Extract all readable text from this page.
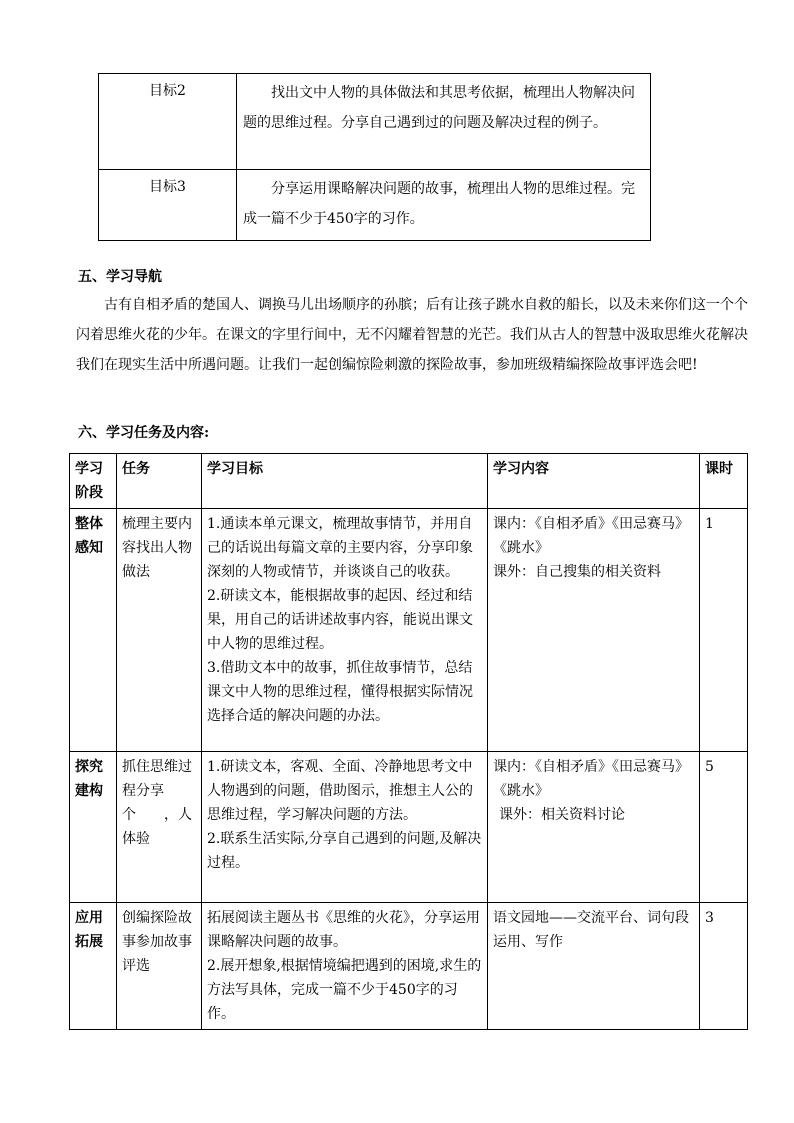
目标2	找出文中人物的具体做法和其思考依据，梳理出人物解决问题的思维过程。分享自己遇到过的问题及解决过程的例子。
目标3	分享运用课略解决问题的故事，梳理出人物的思维过程。完成一篇不少于450字的习作。
五、学习导航

古有自相矛盾的楚国人、调换马儿出场顺序的孙膑；后有让孩子跳水自救的船长，以及未来你们这一个个闪着思维火花的少年。在课文的字里行间中，无不闪耀着智慧的光芒。我们从古人的智慧中汲取思维火花解决我们在现实生活中所遇问题。让我们一起创编惊险刺激的探险故事，参加班级精编探险故事评选会吧!

六、学习任务及内容:
学习
阶段	任务	学习目标	学习内容	课时

整体
感知	梳理主要内容找出人物做法	1.通读本单元课文，梳理故事情节，并用自己的话说出每篇文章的主要内容，分享印象深刻的人物或情节，并谈谈自己的收获。
2.研读文本，能根据故事的起因、经过和结果，用自己的话讲述故事内容，能说出课文中人物的思维过程。
3.借助文本中的故事，抓住故事情节，总结课文中人物的思维过程，懂得根据实际情况选择合适的解决问题的办法。	课内：《自相矛盾》《田忌赛马》《跳水》
课外：自己搜集的相关资料	1

探究
建构	抓住思维过程分享个　　，人体验	1.研读文本，客观、全面、冷静地思考文中人物遇到的问题，借助图示，推想主人公的思维过程，学习解决问题的方法。
2.联系生活实际,分享自己遇到的问题,及解决过程。	课内：《自相矛盾》《田忌赛马》《跳水》
课外：相关资料讨论	5

应用
拓展	创编探险故事参加故事评选	拓展阅读主题丛书《思维的火花》，分享运用课略解决问题的故事。
2.展开想象,根据情境编把遇到的困境,求生的方法写具体，完成一篇不少于450字的习作。	语文园地——交流平台、词句段运用、写作	3
